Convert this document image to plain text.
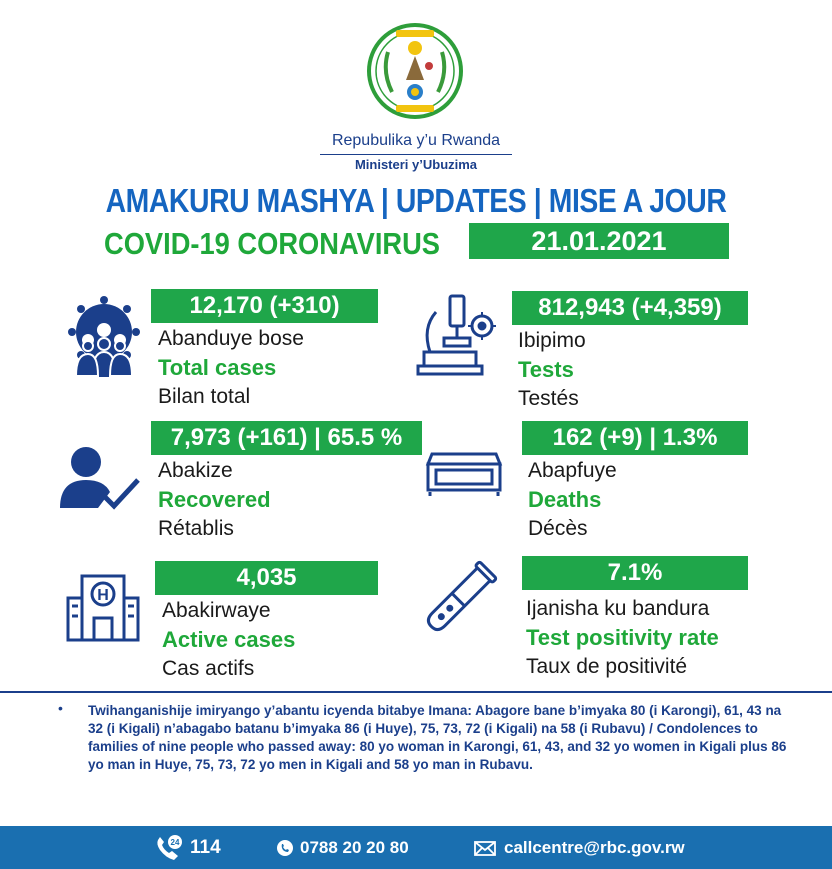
Repubulika y’u Rwanda
Ministeri y’Ubuzima
AMAKURU MASHYA | UPDATES | MISE A JOUR
COVID-19 CORONAVIRUS	21.01.2021
12,170 (+310)
Abanduye bose
Total cases
Bilan total
812,943 (+4,359)
Ibipimo
Tests
Testés
7,973 (+161) | 65.5 %
Abakize
Recovered
Rétablis
162 (+9) | 1.3%
Abapfuye
Deaths
Décès
H
4,035
Abakirwaye
Active cases
Cas actifs
7.1%
Ijanisha ku bandura
Test positivity rate
Taux de positivité
• Twihanganishije imiryango y’abantu icyenda bitabye Imana: Abagore bane b’imyaka 80 (i Karongi), 61, 43 na 32 (i Kigali) n’abagabo batanu b’imyaka 86 (i Huye), 75, 73, 72 (i Kigali) na 58 (i Rubavu) / Condolences to families of nine people who passed away: 80 yo woman in Karongi, 61, 43, and 32 yo women in Kigali plus 86 yo man in Huye, 75, 73, 72 yo men in Kigali and 58 yo man in Rubavu.
24 114	0788 20 20 80	callcentre@rbc.gov.rw
